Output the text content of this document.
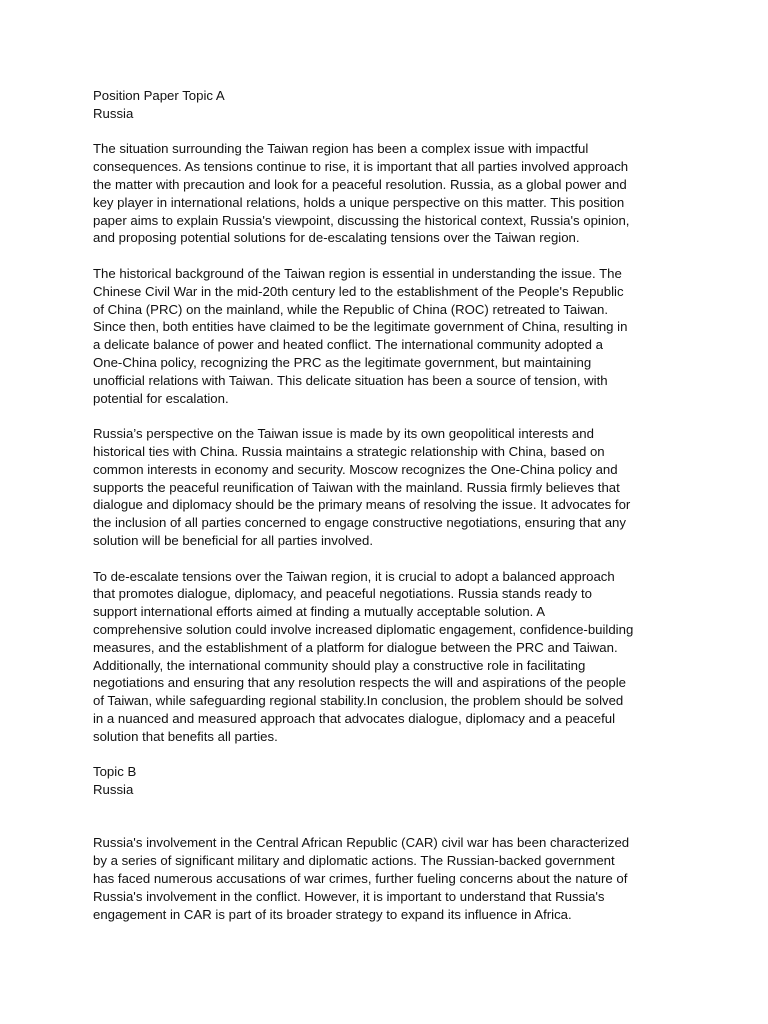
Position Paper Topic A
Russia
The situation surrounding the Taiwan region has been a complex issue with impactful
consequences. As tensions continue to rise, it is important that all parties involved approach
the matter with precaution and look for a peaceful resolution. Russia, as a global power and
key player in international relations, holds a unique perspective on this matter. This position
paper aims to explain Russia's viewpoint, discussing the historical context, Russia's opinion,
and proposing potential solutions for de-escalating tensions over the Taiwan region.
The historical background of the Taiwan region is essential in understanding the issue. The
Chinese Civil War in the mid-20th century led to the establishment of the People's Republic
of China (PRC) on the mainland, while the Republic of China (ROC) retreated to Taiwan.
Since then, both entities have claimed to be the legitimate government of China, resulting in
a delicate balance of power and heated conflict. The international community adopted a
One-China policy, recognizing the PRC as the legitimate government, but maintaining
unofficial relations with Taiwan. This delicate situation has been a source of tension, with
potential for escalation.
Russia’s perspective on the Taiwan issue is made by its own geopolitical interests and
historical ties with China. Russia maintains a strategic relationship with China, based on
common interests in economy and security. Moscow recognizes the One-China policy and
supports the peaceful reunification of Taiwan with the mainland. Russia firmly believes that
dialogue and diplomacy should be the primary means of resolving the issue. It advocates for
the inclusion of all parties concerned to engage constructive negotiations, ensuring that any
solution will be beneficial for all parties involved.
To de-escalate tensions over the Taiwan region, it is crucial to adopt a balanced approach
that promotes dialogue, diplomacy, and peaceful negotiations. Russia stands ready to
support international efforts aimed at finding a mutually acceptable solution. A
comprehensive solution could involve increased diplomatic engagement, confidence-building
measures, and the establishment of a platform for dialogue between the PRC and Taiwan.
Additionally, the international community should play a constructive role in facilitating
negotiations and ensuring that any resolution respects the will and aspirations of the people
of Taiwan, while safeguarding regional stability.In conclusion, the problem should be solved
in a nuanced and measured approach that advocates dialogue, diplomacy and a peaceful
solution that benefits all parties.
Topic B
Russia
Russia's involvement in the Central African Republic (CAR) civil war has been characterized
by a series of significant military and diplomatic actions. The Russian-backed government
has faced numerous accusations of war crimes, further fueling concerns about the nature of
Russia's involvement in the conflict. However, it is important to understand that Russia's
engagement in CAR is part of its broader strategy to expand its influence in Africa.
